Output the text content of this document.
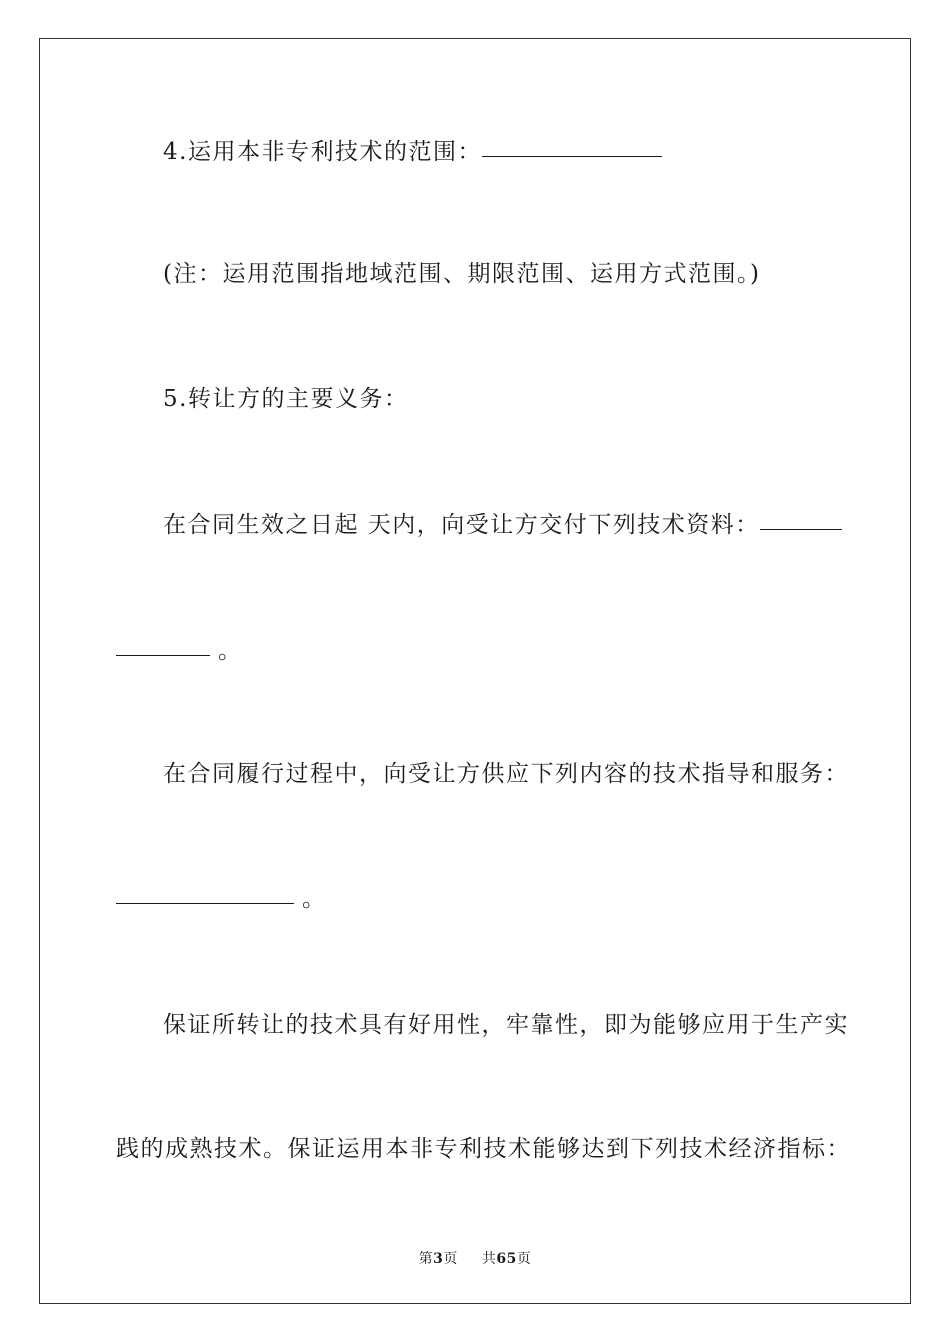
4.运用本非专利技术的范围：
(注：运用范围指地域范围、期限范围、运用方式范围。)
5.转让方的主要义务：
在合同生效之日起 天内，向受让方交付下列技术资料：
。
在合同履行过程中，向受让方供应下列内容的技术指导和服务：
。
保证所转让的技术具有好用性，牢靠性，即为能够应用于生产实
践的成熟技术。保证运用本非专利技术能够达到下列技术经济指标：
第3页 共65页
